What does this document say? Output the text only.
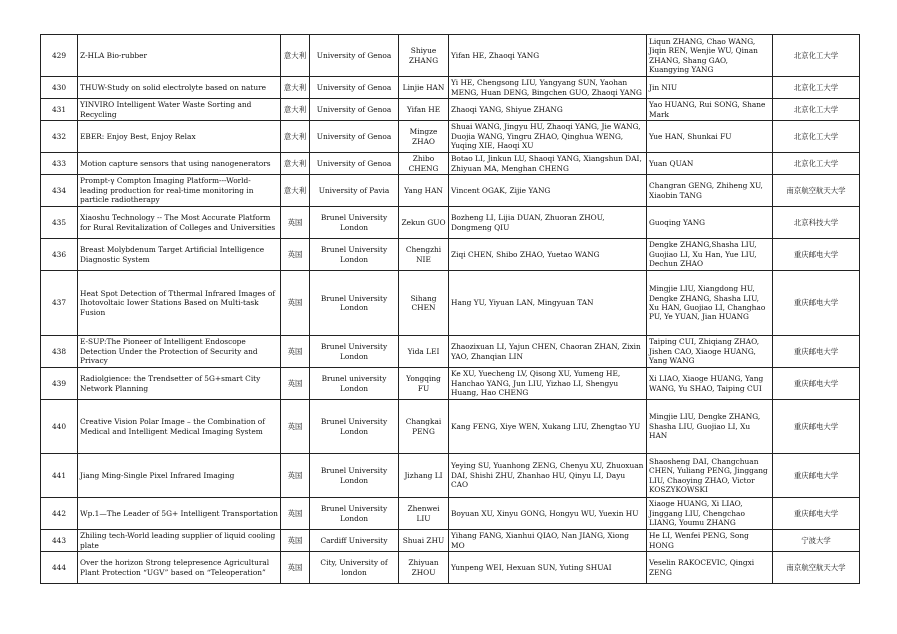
429	Z-HLA Bio-rubber	意大利	University of Genoa	Shiyue ZHANG	Yifan HE, Zhaoqi YANG	Liqun ZHANG, Chao WANG, Jiqin REN, Wenjie WU, Qinan ZHANG, Shang GAO, Kuangying YANG	北京化工大学
430	THUW-Study on solid electrolyte based on nature	意大利	University of Genoa	Linjie HAN	Yi HE, Chengsong LIU, Yangyang SUN, Yaohan MENG, Huan DENG, Bingchen GUO, Zhaoqi YANG	Jin NIU	北京化工大学
431	YINVIRO Intelligent Water Waste Sorting and Recycling	意大利	University of Genoa	Yifan HE	Zhaoqi YANG, Shiyue ZHANG	Yao HUANG, Rui SONG, Shane Mark	北京化工大学
432	EBER: Enjoy Best, Enjoy Relax	意大利	University of Genoa	Mingze ZHAO	Shuai WANG, Jingyu HU, Zhaoqi YANG, Jie WANG, Duojia WANG, Yingru ZHAO, Qinghua WENG, Yuqing XIE, Haoqi XU	Yue HAN, Shunkai FU	北京化工大学
433	Motion capture sensors that using nanogenerators	意大利	University of Genoa	Zhibo CHENG	Botao LI, Jinkun LU, Shaoqi YANG, Xiangshun DAI, Zhiyuan MA, Menghan CHENG	Yuan QUAN	北京化工大学
434	Prompt-γ Compton Imaging Platform---World-leading production for real-time monitoring in particle radiotherapy	意大利	University of Pavia	Yang HAN	Vincent OGAK, Zijie YANG	Changran GENG, Zhiheng XU, Xiaobin TANG	南京航空航天大学
435	Xiaoshu Technology -- The Most Accurate Platform for Rural Revitalization of Colleges and Universities	英国	Brunel University London	Zekun GUO	Bozheng LI, Lijia DUAN, Zhuoran ZHOU, Dongmeng QIU	Guoqing YANG	北京科技大学
436	Breast Molybdenum Target Artificial Intelligence Diagnostic System	英国	Brunel University London	Chengzhi NIE	Ziqi CHEN, Shibo ZHAO, Yuetao WANG	Dengke ZHANG,Shasha LIU, Guojiao LI, Xu Han, Yue LIU, Dechun ZHAO	重庆邮电大学
437	Heat Spot Detection of Tthermal Infrared Images of Ihotovoltaic Iower Stations Based on Multi-task Fusion	英国	Brunel University London	Sihang CHEN	Hang YU, Yiyuan LAN, Mingyuan TAN	Mingjie LIU, Xiangdong HU, Dengke ZHANG, Shasha LIU, Xu HAN, Guojiao LI, Changhao PU, Ye YUAN, Jian HUANG	重庆邮电大学
438	E-SUP:The Pioneer of Intelligent Endoscope Detection Under the Protection of Security and Privacy	英国	Brunel University London	Yida LEI	Zhaozixuan LI, Yajun CHEN, Chaoran ZHAN, Zixin YAO, Zhanqian LIN	Taiping CUI, Zhiqiang ZHAO, Jishen CAO, Xiaoge HUANG, Yang WANG	重庆邮电大学
439	Radiolgience: the Trendsetter of 5G+smart City Network Planning	英国	Brunel university London	Yongqing FU	Ke XU, Yuecheng LV, Qisong XU, Yumeng HE, Hanchao YANG, Jun LIU, Yizhao LI, Shengyu Huang, Hao CHENG	Xi LIAO, Xiaoge HUANG, Yang WANG, Yu SHAO, Taiping CUI	重庆邮电大学
440	Creative Vision Polar Image – the Combination of Medical and Intelligent Medical Imaging System	英国	Brunel University London	Changkai PENG	Kang FENG, Xiye WEN, Xukang LIU, Zhengtao YU	Mingjie LIU, Dengke ZHANG, Shasha LIU, Guojiao LI, Xu HAN	重庆邮电大学
441	Jiang Ming-Single Pixel Infrared Imaging	英国	Brunel University London	Jizhang LI	Yeying SU, Yuanhong ZENG, Chenyu XU, Zhuoxuan DAI, Shishi ZHU, Zhanhao HU, Qinyu LI, Dayu CAO	Shaosheng DAI, Changchuan CHEN, Yuliang PENG, Jinggang LIU, Chaoying ZHAO, Victor KOSZYKOWSKI	重庆邮电大学
442	Wp.1—The Leader of 5G+ Intelligent Transportation	英国	Brunel University London	Zhenwei LIU	Boyuan XU, Xinyu GONG, Hongyu WU, Yuexin HU	Xiaoge HUANG, Xi LIAO, Jinggang LIU, Chengchao LIANG, Youmu ZHANG	重庆邮电大学
443	Zhiling tech-World leading supplier of liquid cooling plate	英国	Cardiff University	Shuai ZHU	Yihang FANG, Xianhui QIAO, Nan JIANG, Xiong MO	He LI, Wenfei PENG, Song HONG	宁波大学
444	Over the horizon Strong telepresence Agricultural Plant Protection “UGV” based on “Teleoperation”	英国	City, University of london	Zhiyuan ZHOU	Yunpeng WEI, Hexuan SUN, Yuting SHUAI	Veselin RAKOCEVIC, Qingxi ZENG	南京航空航天大学
